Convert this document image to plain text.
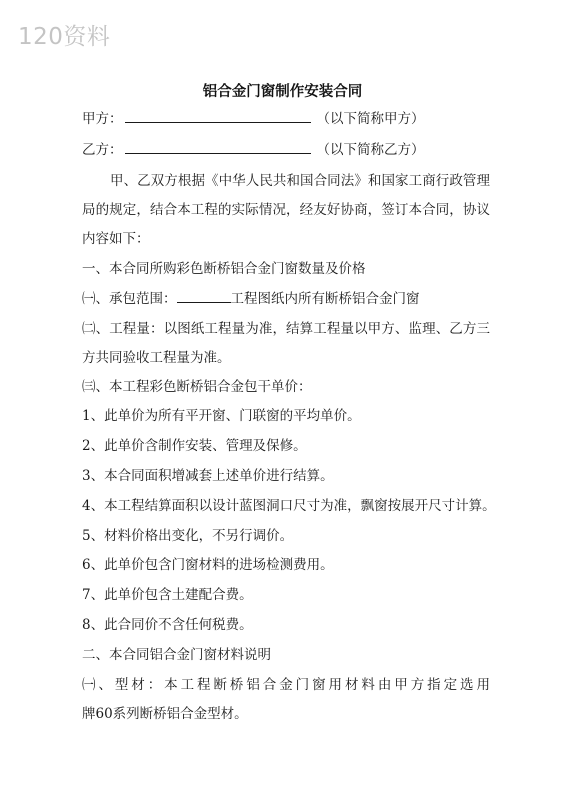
120资料
铝合金门窗制作安装合同
甲方：	（以下简称甲方）
乙方：	（以下简称乙方）
甲、乙双方根据《中华人民共和国合同法》和国家工商行政管理
局的规定，结合本工程的实际情况，经友好协商，签订本合同，协议
内容如下：
一、本合同所购彩色断桥铝合金门窗数量及价格
㈠、承包范围：	工程图纸内所有断桥铝合金门窗
㈡、工程量：以图纸工程量为准，结算工程量以甲方、监理、乙方三
方共同验收工程量为准。
㈢、本工程彩色断桥铝合金包干单价：
1、此单价为所有平开窗、门联窗的平均单价。
2、此单价含制作安装、管理及保修。
3、本合同面积增减套上述单价进行结算。
4、本工程结算面积以设计蓝图洞口尺寸为准，飘窗按展开尺寸计算。
5、材料价格出变化，不另行调价。
6、此单价包含门窗材料的进场检测费用。
7、此单价包含土建配合费。
8、此合同价不含任何税费。
二、本合同铝合金门窗材料说明
㈠、型材：本工程断桥铝合金门窗用材料由甲方指定选用
牌60系列断桥铝合金型材。
